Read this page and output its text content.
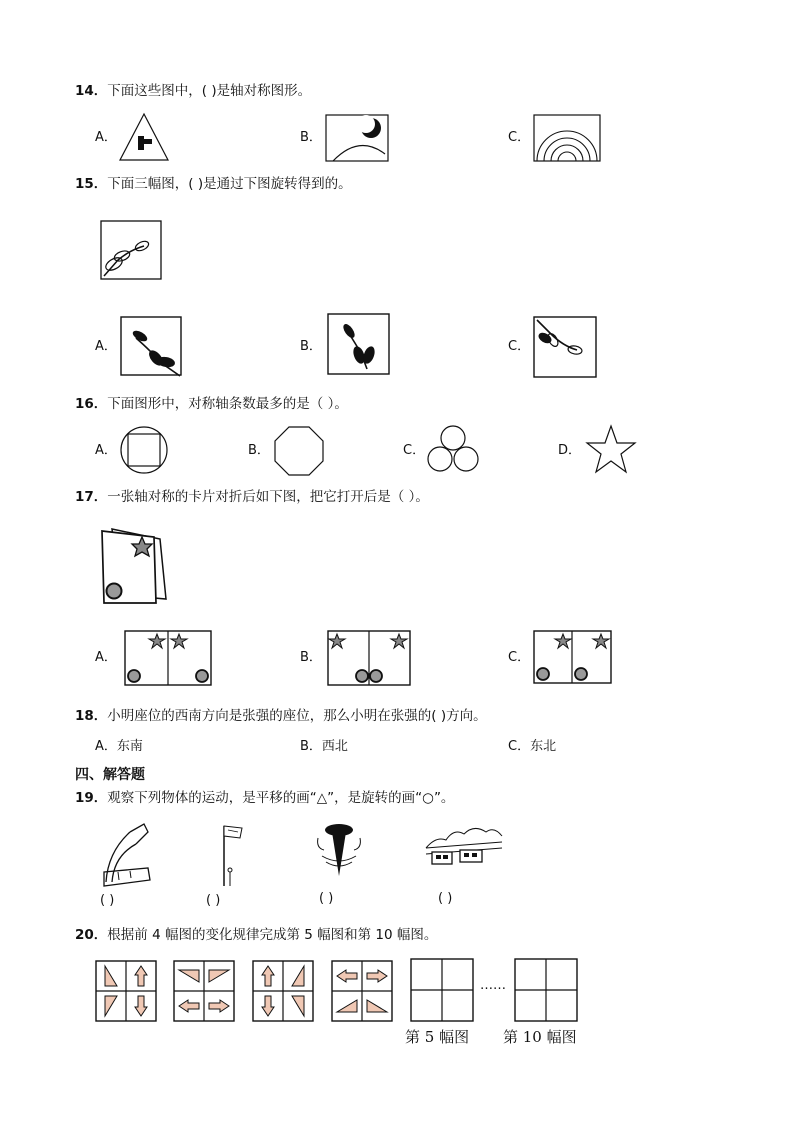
14．下面这些图中，( )是轴对称图形。
A．	B．	C．
15．下面三幅图，( )是通过下图旋转得到的。
A．	B．	C．
16．下面图形中，对称轴条数最多的是（ ）。
A．	B．	C．	D．
17．一张轴对称的卡片对折后如下图，把它打开后是（ ）。
A．	B．	C．
18．小明座位的西南方向是张强的座位，那么小明在张强的( )方向。
A．东南	B．西北	C．东北
四、解答题
19．观察下列物体的运动，是平移的画“△”，是旋转的画“○”。
( )	( )	( )	( )
20．根据前 4 幅图的变化规律完成第 5 幅图和第 10 幅图。
……
第 5 幅图 第 10 幅图
